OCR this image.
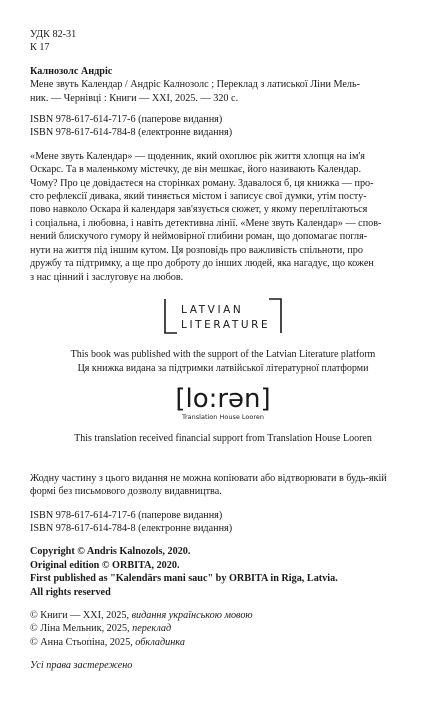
УДК 82-31

К 17

Калнозолс Андріс

Мене звуть Календар / Андріс Калнозолс ; Переклад з латиської Ліни Мель-

ник. — Чернівці : Книги — XXI, 2025. — 320 с.

ISBN 978-617-614-717-6 (паперове видання)

ISBN 978-617-614-784-8 (електронне видання)

«Мене звуть Календар» — щоденник, який охоплює рік життя хлопця на ім'я

Оскарс. Та в маленькому містечку, де він мешкає, його називають Календар.

Чому? Про це довідаєтеся на сторінках роману. Здавалося б, ця книжка — про-

сто рефлексії дивака, який тиняється містом і записує свої думки, утім посту-

пово навколо Оскара й календаря зав'язується сюжет, у якому переплітаються

і соціальна, і любовна, і навіть детективна лінії. «Мене звуть Календар» — спов-

нений блискучого гумору й неймовірної глибини роман, що допомагає погля-

нути на життя під іншим кутом. Ця розповідь про важливість спільноти, про

дружбу та підтримку, а ще про доброту до інших людей, яка нагадує, що кожен

з нас цінний і заслуговує на любов.

LATVIAN
LITERATURE

This book was published with the support of the Latvian Literature platform

Ця книжка видана за підтримки латвійської літературної платформи

[lo:rən]
Translation House Looren

This translation received financial support from Translation House Looren

Жодну частину з цього видання не можна копіювати або відтворювати в будь-якій

формі без письмового дозволу видавництва.

ISBN 978-617-614-717-6 (паперове видання)

ISBN 978-617-614-784-8 (електронне видання)

Copyright © Andris Kalnozols, 2020.

Original edition © ORBITA, 2020.

First published as "Kalendārs mani sauc" by ORBITA in Riga, Latvia.

All rights reserved

© Книги — XXI, 2025, видання українською мовою

© Ліна Мельник, 2025, переклад

© Анна Стьопіна, 2025, обкладинка

Усі права застережено
